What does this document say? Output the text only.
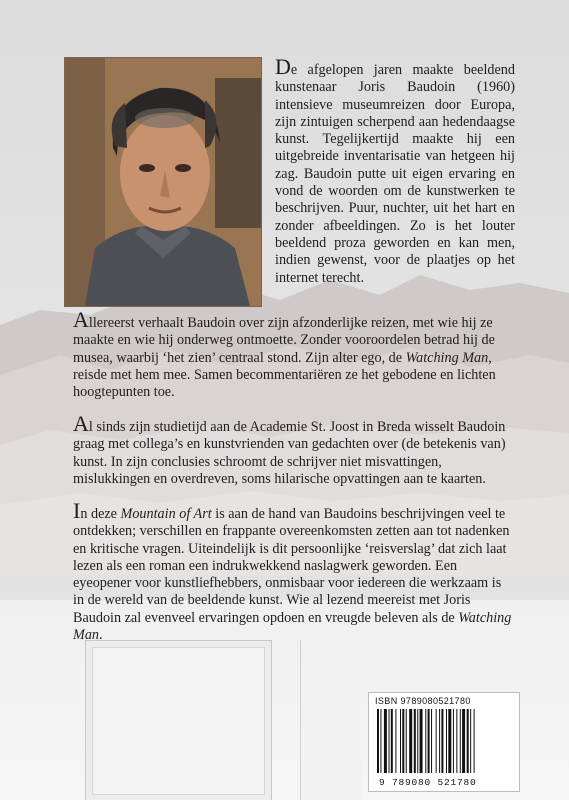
De afgelopen jaren maakte beeldend kunstenaar Joris Baudoin (1960) intensieve museumreizen door Europa, zijn zintuigen scherpend aan hedendaagse kunst. Tegelijkertijd maakte hij een uitgebreide inventarisatie van hetgeen hij zag. Baudoin putte uit eigen ervaring en vond de woorden om de kunstwerken te beschrijven. Puur, nuchter, uit het hart en zonder afbeeldingen. Zo is het louter beeldend proza geworden en kan men, indien gewenst, voor de plaatjes op het internet terecht.

Allereerst verhaalt Baudoin over zijn afzonderlijke reizen, met wie hij ze maakte en wie hij onderweg ontmoette. Zonder vooroordelen betrad hij de musea, waarbij ‘het zien’ centraal stond. Zijn alter ego, de Watching Man, reisde met hem mee. Samen becommentariëren ze het gebodene en lichten hoogtepunten toe.

Al sinds zijn studietijd aan de Academie St. Joost in Breda wisselt Baudoin graag met collega’s en kunstvrienden van gedachten over (de betekenis van) kunst. In zijn conclusies schroomt de schrijver niet misvattingen, mislukkingen en overdreven, soms hilarische opvattingen aan te kaarten.

In deze Mountain of Art is aan de hand van Baudoins beschrijvingen veel te ontdekken; verschillen en frappante overeenkomsten zetten aan tot nadenken en kritische vragen. Uiteindelijk is dit persoonlijke ‘reisverslag’ dat zich laat lezen als een roman een indrukwekkend naslagwerk geworden. Een eyeopener voor kunstliefhebbers, onmisbaar voor iedereen die werkzaam is in de wereld van de beeldende kunst. Wie al lezend meereist met Joris Baudoin zal evenveel ervaringen opdoen en vreugde beleven als de Watching Man.

ISBN 9789080521780
9 789080 521780
